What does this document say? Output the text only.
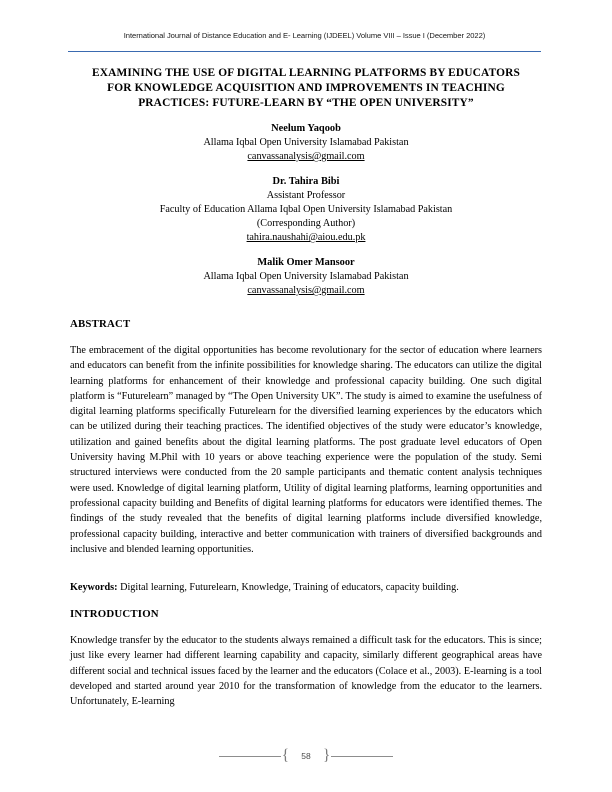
International Journal of Distance Education and E- Learning (IJDEEL) Volume VIII – Issue I (December 2022)
EXAMINING THE USE OF DIGITAL LEARNING PLATFORMS BY EDUCATORS
FOR KNOWLEDGE ACQUISITION AND IMPROVEMENTS IN TEACHING
PRACTICES: FUTURE-LEARN BY “THE OPEN UNIVERSITY”
Neelum Yaqoob
Allama Iqbal Open University Islamabad Pakistan
canvassanalysis@gmail.com
Dr. Tahira Bibi
Assistant Professor
Faculty of Education Allama Iqbal Open University Islamabad Pakistan
(Corresponding Author)
tahira.naushahi@aiou.edu.pk
Malik Omer Mansoor
Allama Iqbal Open University Islamabad Pakistan
canvassanalysis@gmail.com
ABSTRACT

The embracement of the digital opportunities has become revolutionary for the sector of education where learners and educators can benefit from the infinite possibilities for knowledge sharing. The educators can utilize the digital learning platforms for enhancement of their knowledge and professional capacity building. One such digital platform is “Futurelearn” managed by “The Open University UK”. The study is aimed to examine the usefulness of digital learning platforms specifically Futurelearn for the diversified learning experiences by the educators which can be utilized during their teaching practices. The identified objectives of the study were educator’s knowledge, utilization and gained benefits about the digital learning platforms. The post graduate level educators of Open University having M.Phil with 10 years or above teaching experience were the population of the study. Semi structured interviews were conducted from the 20 sample participants and thematic content analysis techniques were used. Knowledge of digital learning platform, Utility of digital learning platforms, learning opportunities and professional capacity building and Benefits of digital learning platforms for educators were identified themes. The findings of the study revealed that the benefits of digital learning platforms include diversified knowledge, professional capacity building, interactive and better communication with trainers of diversified backgrounds and inclusive and blended learning opportunities.

Keywords: Digital learning, Futurelearn, Knowledge, Training of educators, capacity building.

INTRODUCTION

Knowledge transfer by the educator to the students always remained a difficult task for the educators. This is since; just like every learner had different learning capability and capacity, similarly different geographical areas have different social and technical issues faced by the learner and the educators (Colace et al., 2003). E-learning is a tool developed and started around year 2010 for the transformation of knowledge from the educator to the learners. Unfortunately, E-learning

{	58 }
